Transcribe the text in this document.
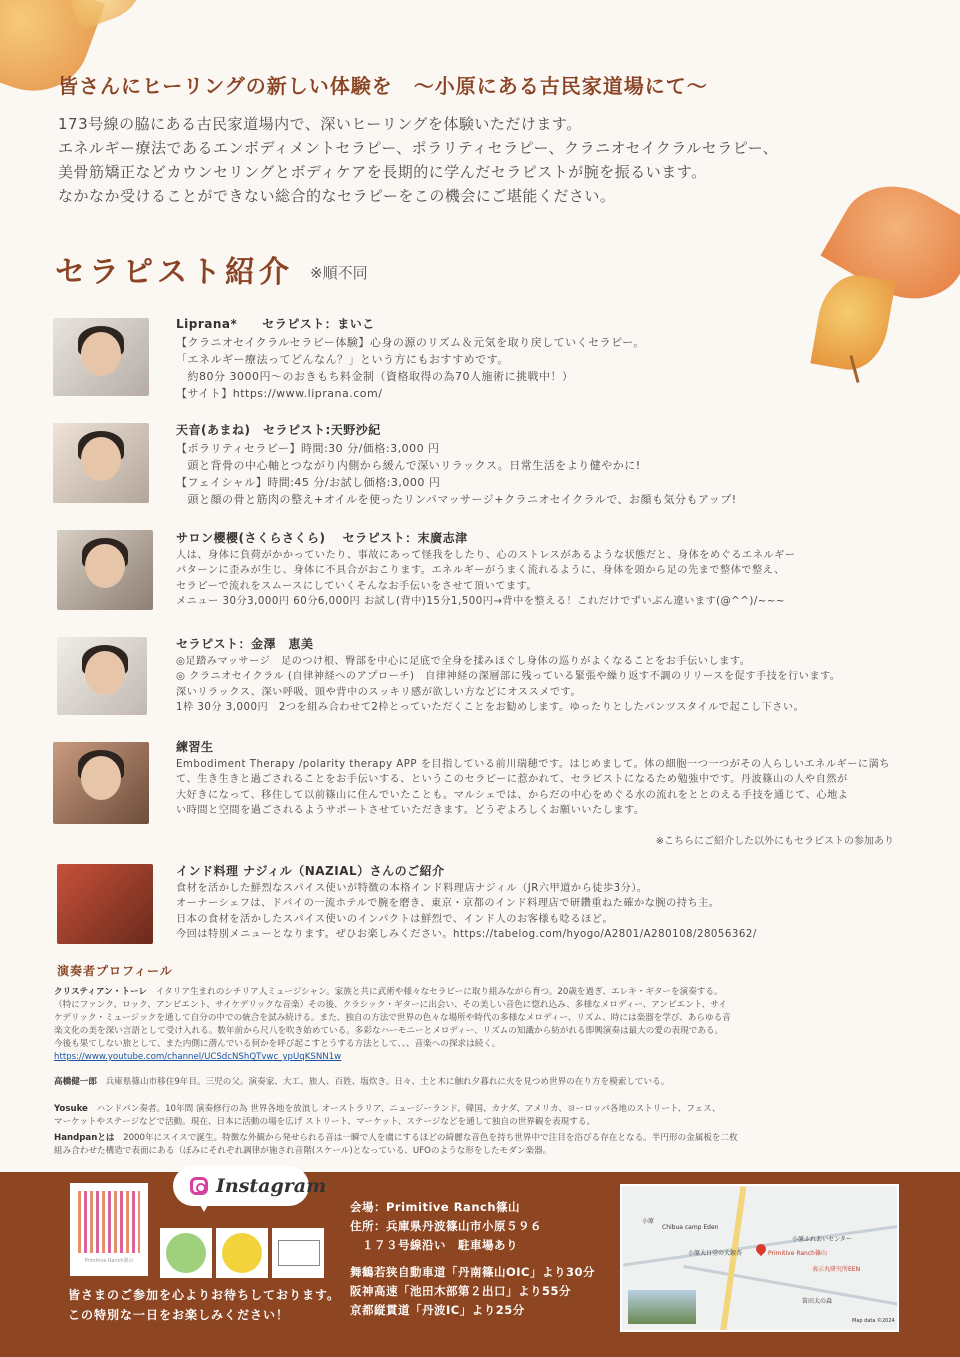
皆さんにヒーリングの新しい体験を　～小原にある古民家道場にて～

173号線の脇にある古民家道場内で、深いヒーリングを体験いただけます。

エネルギー療法であるエンボディメントセラピー、ポラリティセラピー、クラニオセイクラルセラピー、

美骨筋矯正などカウンセリングとボディケアを長期的に学んだセラピストが腕を振るいます。

なかなか受けることができない総合的なセラピーをこの機会にご堪能ください。

セラピスト紹介 ※順不同
Liprana*　　セラピスト：まいこ

【クラニオセイクラルセラピー体験】心身の源のリズム＆元気を取り戻していくセラピー。

「エネルギー療法ってどんなん？」という方にもおすすめです。

　約80分 3000円～のおきもち料金制（資格取得の為70人施術に挑戦中！）

【サイト】https://www.liprana.com/

天音(あまね)　セラピスト:天野沙紀

【ポラリティセラピー】時間:30 分/価格:3,000 円

　頭と背骨の中心軸とつながり内側から緩んで深いリラックス。日常生活をより健やかに!

【フェイシャル】時間:45 分/お試し価格:3,000 円

　頭と顔の骨と筋肉の整え+オイルを使ったリンパマッサージ+クラニオセイクラルで、お顔も気分もアップ!

サロン櫻櫻(さくらさくら)　 セラピスト：末廣志津

人は、身体に負荷がかかっていたり、事故にあって怪我をしたり、心のストレスがあるような状態だと、身体をめぐるエネルギー

パターンに歪みが生じ、身体に不具合がおこります。エネルギーがうまく流れるように、身体を頭から足の先まで整体で整え、

セラピーで流れをスムースにしていくそんなお手伝いをさせて頂いてます。

メニュー 30分3,000円 60分6,000円 お試し(背中)15分1,500円→背中を整える！これだけでずいぶん違います(@^^)/~~~

セラピスト：金澤　恵美

◎足踏みマッサージ　足のつけ根、臀部を中心に足底で全身を揉みほぐし身体の巡りがよくなることをお手伝いします。

◎ クラニオセイクラル (自律神経へのアプローチ)　自律神経の深層部に残っている緊張や繰り返す不調のリリースを促す手技を行います。

深いリラックス、深い呼吸、頭や背中のスッキリ感が欲しい方などにオススメです。

1枠 30分 3,000円　2つを組み合わせて2枠とっていただくことをお勧めします。ゆったりとしたパンツスタイルで起こし下さい。

練習生

Embodiment Therapy /polarity therapy APP を目指している前川瑞穂です。はじめまして。体の細胞一つ一つがその人らしいエネルギーに満ち

て、生き生きと過ごされることをお手伝いする、というこのセラピーに惹かれて、セラピストになるため勉強中です。丹波篠山の人や自然が

大好きになって、移住して以前篠山に住んでいたことも。マルシェでは、からだの中心をめぐる水の流れをととのえる手技を通じて、心地よ

い時間と空間を過ごされるようサポートさせていただきます。どうぞよろしくお願いいたします。

※こちらにご紹介した以外にもセラピストの参加あり
インド料理 ナジィル（NAZIAL）さんのご紹介

食材を活かした鮮烈なスパイス使いが特徴の本格インド料理店ナジィル（JR六甲道から徒歩3分）。

オーナーシェフは、ドバイの一流ホテルで腕を磨き、東京・京都のインド料理店で研鑽重ねた確かな腕の持ち主。

日本の食材を活かしたスパイス使いのインパクトは鮮烈で、インド人のお客様も唸るほど。

今回は特別メニューとなります。ぜひお楽しみください。https://tabelog.com/hyogo/A2801/A280108/28056362/

演奏者プロフィール

クリスティアン・トーレ　イタリア生まれのシチリア人ミュージシャン。家族と共に武術や様々なセラピーに取り組みながら育つ。20歳を過ぎ、エレキ・ギターを演奏する。

（特にファンク、ロック、アンビエント、サイケデリックな音楽）その後、クラシック・ギターに出会い、その美しい音色に惚れ込み、多様なメロディー、アンビエント、サイ

ケデリック・ミュージックを通して自分の中での統合を試み続ける。また、独自の方法で世界の色々な場所や時代の多様なメロディー、リズム、時には楽器を学び、あらゆる音

楽文化の美を深い言語として受け入れる。数年前から尺八を吹き始めている。多彩なハーモニーとメロディー、リズムの知識から紡がれる即興演奏は最大の愛の表現である。

今後も果てしない旅として、また内側に潜んでいる何かを呼び起こすとうする方法として、、、音楽への探求は続く。

https://www.youtube.com/channel/UCSdcNShQTvwc_ypUqKSNN1w

高橋健一郎　兵庫県篠山市移住9年目。三児の父。演奏家、大工、旅人、百姓、塩炊き。日々、土と木に触れ夕暮れに火を見つめ世界の在り方を模索している。

Yosuke　ハンドパン奏者。10年間 演奏修行の為 世界各地を放浪し オーストラリア、ニュージーランド、韓国、カナダ、アメリカ、ヨーロッパ各地のストリート、フェス、

マーケットやステージなどで活動。現在、日本に活動の場を広げ ストリート、マーケット、ステージなどを通して独自の世界観を表現する。

Handpanとは　2000年にスイスで誕生。特徴な外観から発せられる音は一瞬で人を虜にするほどの綺麗な音色を持ち世界中で注目を浴びる存在となる。半円形の金属板を二枚

組み合わせた構造で表面にある（ぼみにそれぞれ調律が施され音階(スケール)となっている、UFOのような形をしたモダン楽器。

Primitive Ranch篠山
Instagram

皆さまのご参加を心よりお待ちしております。

この特別な一日をお楽しみください！

会場：Primitive Ranch篠山

住所：兵庫県丹波篠山市小原５９６

　１７３号線沿い　駐車場あり

舞鶴若狭自動車道「丹南篠山OIC」より30分

阪神高速「池田木部第２出口」より55分

京都縦貫道「丹波IC」より25分

小原
Chibua camp Eden
Primitive Ranch篠山
小原ふれあいセンター
表示丸研究所EEN
小原大日堂の大銀杏
笛田太の森
Map data ©2024
